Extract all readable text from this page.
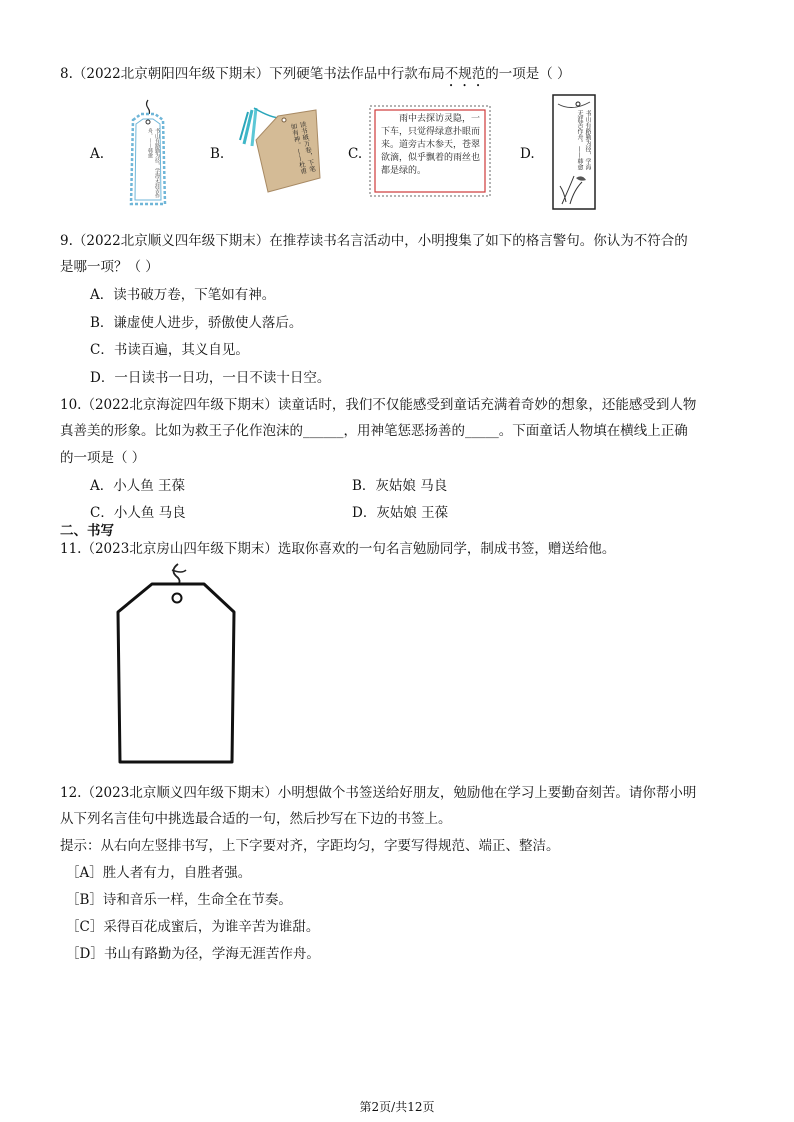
8.（2022北京朝阳四年级下期末）下列硬笔书法作品中行款布局不规范的一项是（ ）
A.	书山有路勤为径，学海无涯苦作舟。——韩愈	B.	读书破万卷，下笔如有神。——杜甫	C.
雨中去探访灵隐，一下车，只觉得绿意扑眼而来。道旁古木参天，苍翠欲滴，似乎飘着的雨丝也都是绿的。
D.	书山有路勤为径，学海无涯苦作舟。——韩愈
9.（2022北京顺义四年级下期末）在推荐读书名言活动中，小明搜集了如下的格言警句。你认为不符合的
是哪一项？（ ）
A．读书破万卷，下笔如有神。
B．谦虚使人进步，骄傲使人落后。
C．书读百遍，其义自见。
D．一日读书一日功，一日不读十日空。
10.（2022北京海淀四年级下期末）读童话时，我们不仅能感受到童话充满着奇妙的想象，还能感受到人物
真善美的形象。比如为救王子化作泡沫的______，用神笔惩恶扬善的_____。下面童话人物填在横线上正确
的一项是（ ）
A．小人鱼 王葆	B．灰姑娘 马良
C．小人鱼 马良	D．灰姑娘 王葆
二、书写
11.（2023北京房山四年级下期末）选取你喜欢的一句名言勉励同学，制成书签，赠送给他。
12.（2023北京顺义四年级下期末）小明想做个书签送给好朋友，勉励他在学习上要勤奋刻苦。请你帮小明
从下列名言佳句中挑选最合适的一句，然后抄写在下边的书签上。
提示：从右向左竖排书写，上下字要对齐，字距均匀，字要写得规范、端正、整洁。
［A］胜人者有力，自胜者强。
［B］诗和音乐一样，生命全在节奏。
［C］采得百花成蜜后，为谁辛苦为谁甜。
［D］书山有路勤为径，学海无涯苦作舟。
第2页/共12页
